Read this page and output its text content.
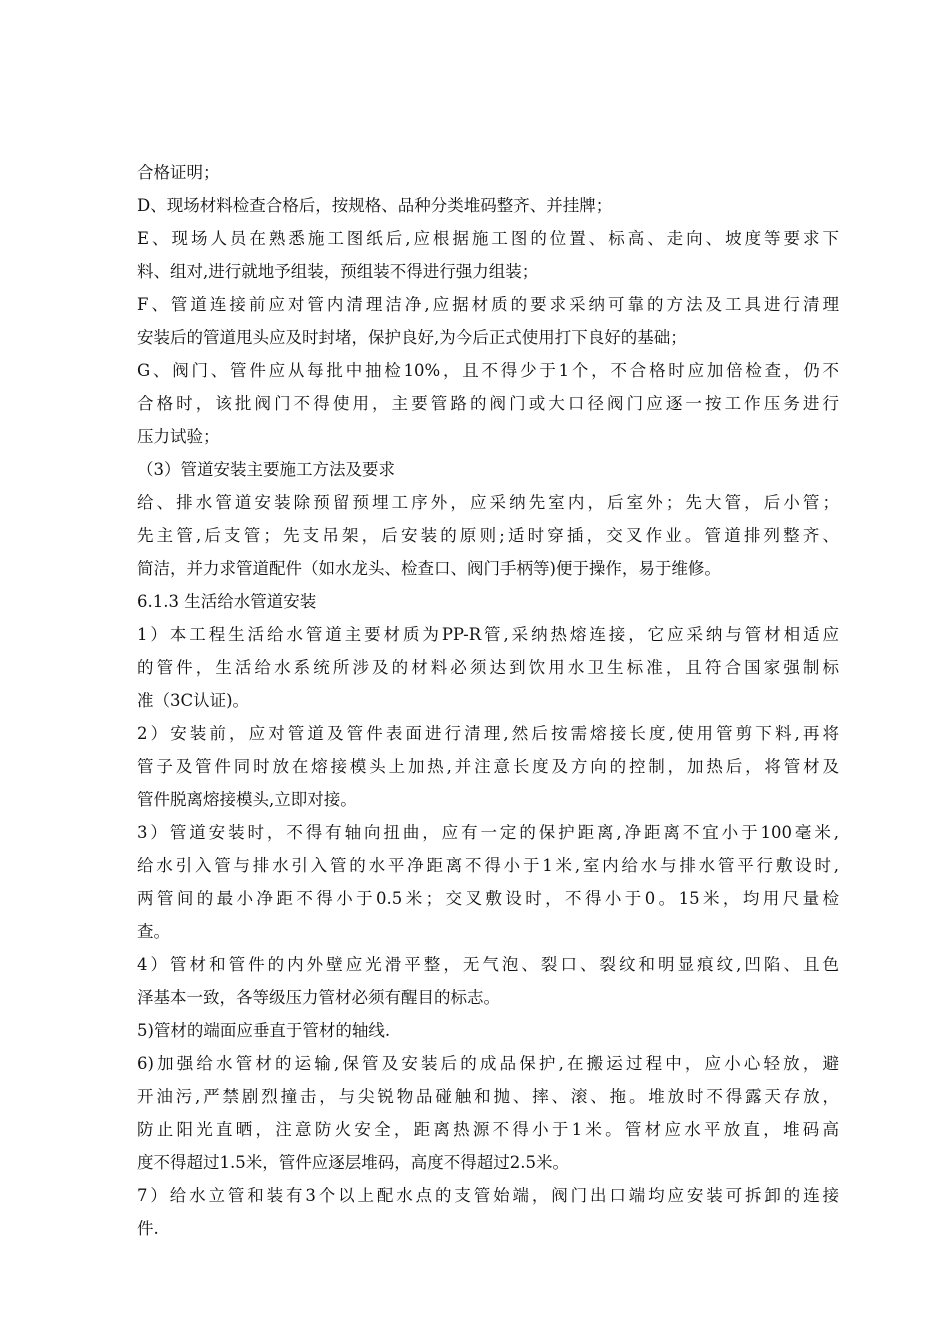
合格证明；
D、现场材料检查合格后，按规格、品种分类堆码整齐、并挂牌；
E、现场人员在熟悉施工图纸后,应根据施工图的位置、标高、走向、坡度等要求下
料、组对,进行就地予组装，预组装不得进行强力组装；
F、管道连接前应对管内清理洁净,应据材质的要求采纳可靠的方法及工具进行清理
安装后的管道甩头应及时封堵，保护良好,为今后正式使用打下良好的基础；
G、阀门、管件应从每批中抽检10%，且不得少于1个，不合格时应加倍检查，仍不
合格时，该批阀门不得使用，主要管路的阀门或大口径阀门应逐一按工作压务进行
压力试验；
（3）管道安装主要施工方法及要求
给、排水管道安装除预留预埋工序外，应采纳先室内，后室外；先大管，后小管；
先主管,后支管；先支吊架，后安装的原则;适时穿插，交叉作业。管道排列整齐、
简洁，并力求管道配件（如水龙头、检查口、阀门手柄等)便于操作，易于维修。
6.1.3 生活给水管道安装
1）本工程生活给水管道主要材质为PP-R管,采纳热熔连接，它应采纳与管材相适应
的管件，生活给水系统所涉及的材料必须达到饮用水卫生标准，且符合国家强制标
准（3C认证)。
2）安装前，应对管道及管件表面进行清理,然后按需熔接长度,使用管剪下料,再将
管子及管件同时放在熔接模头上加热,并注意长度及方向的控制，加热后，将管材及
管件脱离熔接模头,立即对接。
3）管道安装时，不得有轴向扭曲，应有一定的保护距离,净距离不宜小于100毫米,
给水引入管与排水引入管的水平净距离不得小于1米,室内给水与排水管平行敷设时,
两管间的最小净距不得小于0.5米；交叉敷设时，不得小于0。15米，均用尺量检
查。
4）管材和管件的内外壁应光滑平整，无气泡、裂口、裂纹和明显痕纹,凹陷、且色
泽基本一致，各等级压力管材必须有醒目的标志。
5)管材的端面应垂直于管材的轴线.
6)加强给水管材的运输,保管及安装后的成品保护,在搬运过程中，应小心轻放，避
开油污,严禁剧烈撞击，与尖锐物品碰触和抛、摔、滚、拖。堆放时不得露天存放，
防止阳光直晒，注意防火安全，距离热源不得小于1米。管材应水平放直，堆码高
度不得超过1.5米，管件应逐层堆码，高度不得超过2.5米。
7）给水立管和装有3个以上配水点的支管始端，阀门出口端均应安装可拆卸的连接
件.
